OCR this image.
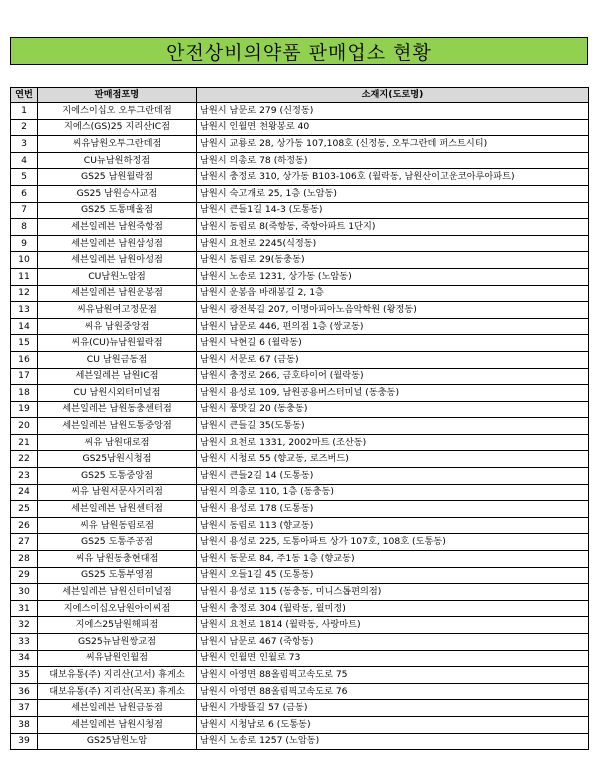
안전상비의약품 판매업소 현황
연번	판매점포명	소재지(도로명)
1	지에스이십오 오투그란데점	남원시 남문로 279 (신정동)
2	지에스(GS)25 지리산IC점	남원시 인월면 천왕봉로 40
3	씨유남원오투그란데점	남원시 교룡로 28, 상가동 107,108호 (신정동, 오투그란데 퍼스트시티)
4	CU뉴남원하정점	남원시 의총로 78 (하정동)
5	GS25 남원월락점	남원시 충정로 310, 상가동 B103-106호 (월락동, 남원산이고운코아루아파트)
6	GS25 남원승사교점	남원시 숙고개로 25, 1층 (노암동)
7	GS25 도통매울점	남원시 큰들1길 14-3 (도통동)
8	세븐일레븐 남원죽항점	남원시 동림로 8(죽항동, 죽항아파트 1단지)
9	세븐일레븐 남원삼성점	남원시 요천로 2245(식정동)
10	세븐일레븐 남원아성점	남원시 동림로 29(동충동)
11	CU남원노암점	남원시 노송로 1231, 상가동 (노암동)
12	세븐일레븐 남원운봉점	남원시 운봉읍 바래봉길 2, 1층
13	씨유남원여고정문점	남원시 광전북길 207, 이명아피아노음악학원 (왕정동)
14	씨유 남원중앙점	남원시 남문로 446, 편의점 1층 (쌍교동)
15	씨유(CU)뉴남원월락점	남원시 낙현길 6 (월락동)
16	CU 남원금동점	남원시 서문로 67 (금동)
17	세븐일레븐 남원IC점	남원시 충정로 266, 금호타이어 (월락동)
18	CU 남원시외터미널점	남원시 용성로 109, 남원공용버스터미널 (동충동)
19	세븐일레븐 남원동충센터점	남원시 풍맛길 20 (동충동)
20	세븐일레븐 남원도통중앙점	남원시 큰들길 35(도통동)
21	씨유 남원대로점	남원시 요천로 1331, 2002마트 (조산동)
22	GS25남원시청점	남원시 시청로 55 (향교동, 로즈버드)
23	GS25 도통중앙점	남원시 큰들2길 14 (도통동)
24	씨유 남원서문사거리점	남원시 의총로 110, 1층 (동충동)
25	세븐일레븐 남원센터점	남원시 용성로 178 (도통동)
26	씨유 남원동림로점	남원시 동림로 113 (향교동)
27	GS25 도통주공점	남원시 용성로 225, 도통아파트 상가 107호, 108호 (도통동)
28	씨유 남원동충현대점	남원시 동문로 84, 주1동 1층 (향교동)
29	GS25 도통부영점	남원시 오들1길 45 (도통동)
30	세븐일레븐 남원신터미널점	남원시 용성로 115 (동충동, 미니스톱편의점)
31	지에스이십오남원아이씨점	남원시 충정로 304 (월락동, 월미정)
32	지에스25남원해피점	남원시 요천로 1814 (월락동, 사랑마트)
33	GS25뉴남원쌍교점	남원시 남문로 467 (죽항동)
34	씨유남원인월점	남원시 인월면 인월로 73
35	대보유통(주) 지리산(고서) 휴게소	남원시 아영면 88올림픽고속도로 75
36	대보유통(주) 지리산(목포) 휴게소	남원시 아영면 88올림픽고속도로 76
37	세븐일레븐 남원금동점	남원시 가방뜰길 57 (금동)
38	세븐일레븐 남원시청점	남원시 시청남로 6 (도통동)
39	GS25남원노암	남원시 노송로 1257 (노암동)
